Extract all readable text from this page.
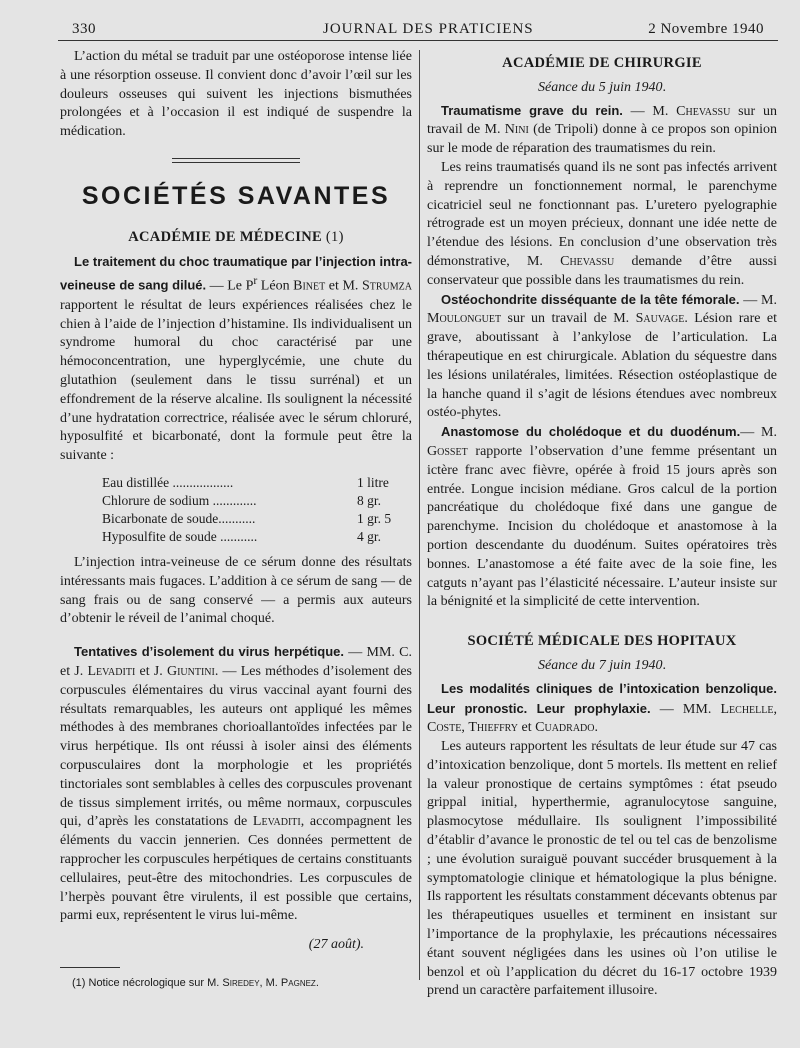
330	JOURNAL DES PRATICIENS	2 Novembre 1940

L’action du métal se traduit par une ostéoporose intense liée à une résorption osseuse. Il convient donc d’avoir l’œil sur les douleurs osseuses qui suivent les injections bismuthées prolongées et à l’occasion il est indiqué de suspendre la médication.

SOCIÉTÉS SAVANTES
ACADÉMIE DE MÉDECINE (1)

Le traitement du choc traumatique par l’injection intra-veineuse de sang dilué. — Le $P^r$ Léon Binet et M. Strumza rapportent le résultat de leurs expériences réalisées chez le chien à l’aide de l’injection d’histamine. Ils individualisent un syndrome humoral du choc caractérisé par une hémoconcentration, une hyperglycémie, une chute du glutathion (seulement dans le tissu surrénal) et un effondrement de la réserve alcaline. Ils soulignent la nécessité d’une hydratation correctrice, réalisée avec le sérum chloruré, hyposulfité et bicarbonaté, dont la formule peut être la suivante :

Eau distillée ..................	1 litre
Chlorure de sodium .............	8 gr.
Bicarbonate de soude...........	1 gr. 5
Hyposulfite de soude ...........	4 gr.

L’injection intra-veineuse de ce sérum donne des résultats intéressants mais fugaces. L’addition à ce sérum de sang — de sang frais ou de sang conservé — a permis aux auteurs d’obtenir le réveil de l’animal choqué.

Tentatives d’isolement du virus herpétique. — MM. C. et J. Levaditi et J. Giuntini. — Les méthodes d’isolement des corpuscules élémentaires du virus vaccinal ayant fourni des résultats remarquables, les auteurs ont appliqué les mêmes méthodes à des membranes chorioallantoïdes infectées par le virus herpétique. Ils ont réussi à isoler ainsi des éléments corpusculaires dont la morphologie et les propriétés tinctoriales sont semblables à celles des corpuscules provenant de tissus simplement irrités, ou même normaux, corpuscules qui, d’après les constatations de Levaditi, accompagnent les éléments du vaccin jennerien. Ces données permettent de rapprocher les corpuscules herpétiques de certains constituants cellulaires, peut-être des mitochondries. Les corpuscules de l’herpès pouvant être virulents, il est possible que certains, parmi eux, représentent le virus lui-même.

(27 août).

(1) Notice nécrologique sur M. Siredey, M. Pagnez.

ACADÉMIE DE CHIRURGIE
Séance du 5 juin 1940.

Traumatisme grave du rein. — M. Chevassu sur un travail de M. Nini (de Tripoli) donne à ce propos son opinion sur le mode de réparation des traumatismes du rein.

Les reins traumatisés quand ils ne sont pas infectés arrivent à reprendre un fonctionnement normal, le parenchyme cicatriciel seul ne fonctionnant pas. L’uretero pyelographie rétrograde est un moyen précieux, donnant une idée nette de l’étendue des lésions. En conclusion d’une observation très démonstrative, M. Chevassu demande d’être aussi conservateur que possible dans les traumatismes du rein.

Ostéochondrite disséquante de la tête fémorale. — M. Moulonguet sur un travail de M. Sauvage. Lésion rare et grave, aboutissant à l’ankylose de l’articulation. La thérapeutique en est chirurgicale. Ablation du séquestre dans les lésions unilatérales, limitées. Résection ostéoplastique de la hanche quand il s’agit de lésions étendues avec nombreux ostéo-phytes.

Anastomose du cholédoque et du duodénum.— M. Gosset rapporte l’observation d’une femme présentant un ictère franc avec fièvre, opérée à froid 15 jours après son entrée. Longue incision médiane. Gros calcul de la portion pancréatique du cholédoque fixé dans une gangue de parenchyme. Incision du cholédoque et anastomose à la portion descendante du duodénum. Suites opératoires très bonnes. L’anastomose a été faite avec de la soie fine, les catguts n’ayant pas l’élasticité nécessaire. L’auteur insiste sur la bénignité et la simplicité de cette intervention.

SOCIÉTÉ MÉDICALE DES HOPITAUX
Séance du 7 juin 1940.

Les modalités cliniques de l’intoxication benzolique. Leur pronostic. Leur prophylaxie. — MM. Lechelle, Coste, Thieffry et Cuadrado.

Les auteurs rapportent les résultats de leur étude sur 47 cas d’intoxication benzolique, dont 5 mortels. Ils mettent en relief la valeur pronostique de certains symptômes : état pseudo grippal initial, hyperthermie, agranulocytose sanguine, plasmocytose médullaire. Ils soulignent l’impossibilité d’établir d’avance le pronostic de tel ou tel cas de benzolisme ; une évolution suraiguë pouvant succéder brusquement à la symptomatologie clinique et hématologique la plus bénigne. Ils rapportent les résultats constamment décevants obtenus par les thérapeutiques usuelles et terminent en insistant sur l’importance de la prophylaxie, les précautions nécessaires étant souvent négligées dans les usines où l’on utilise le benzol et où l’application du décret du 16-17 octobre 1939 prend un caractère parfaitement illusoire.
